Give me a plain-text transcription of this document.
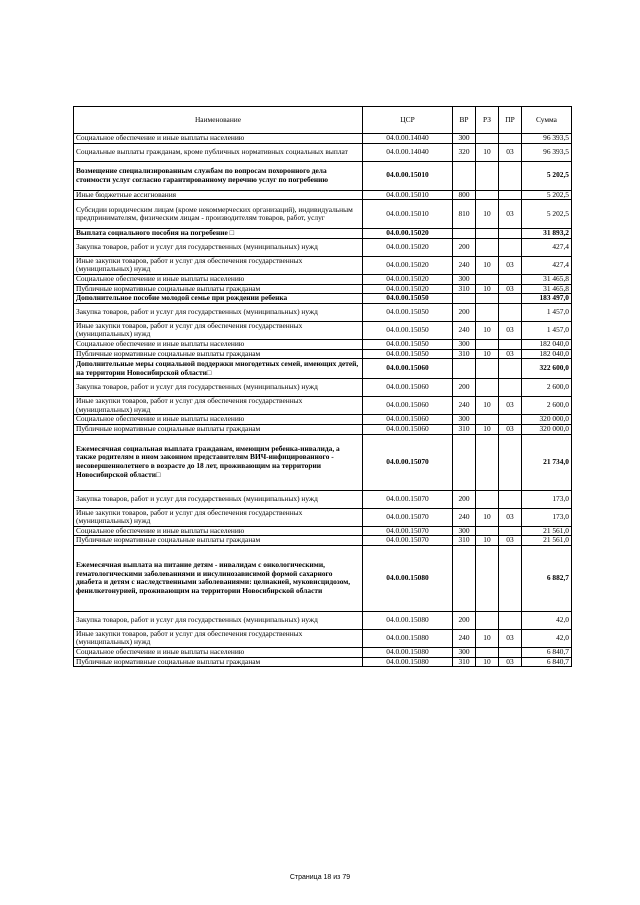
Наименование	ЦСР	ВР	РЗ	ПР	Сумма
Социальное обеспечение и иные выплаты населению	04.0.00.14040	300			96 393,5
Социальные выплаты гражданам, кроме публичных нормативных социальных выплат	04.0.00.14040	320	10	03	96 393,5
Возмещение специализированным службам по вопросам похоронного дела стоимости услуг согласно гарантированному перечню услуг по погребению	04.0.00.15010				5 202,5
Иные бюджетные ассигнования	04.0.00.15010	800			5 202,5
Субсидии юридическим лицам (кроме некоммерческих организаций), индивидуальным предпринимателям, физическим лицам - производителям товаров, работ, услуг	04.0.00.15010	810	10	03	5 202,5
Выплата социального пособия на погребение □	04.0.00.15020				31 893,2
Закупка товаров, работ и услуг для государственных (муниципальных) нужд	04.0.00.15020	200			427,4
Иные закупки товаров, работ и услуг для обеспечения государственных (муниципальных) нужд	04.0.00.15020	240	10	03	427,4
Социальное обеспечение и иные выплаты населению	04.0.00.15020	300			31 465,8
Публичные нормативные социальные выплаты гражданам	04.0.00.15020	310	10	03	31 465,8
Дополнительное пособие молодой семье при рождении ребенка	04.0.00.15050				183 497,0
Закупка товаров, работ и услуг для государственных (муниципальных) нужд	04.0.00.15050	200			1 457,0
Иные закупки товаров, работ и услуг для обеспечения государственных (муниципальных) нужд	04.0.00.15050	240	10	03	1 457,0
Социальное обеспечение и иные выплаты населению	04.0.00.15050	300			182 040,0
Публичные нормативные социальные выплаты гражданам	04.0.00.15050	310	10	03	182 040,0
Дополнительные меры социальной поддержки многодетных семей, имеющих детей, на территории Новосибирской области□	04.0.00.15060				322 600,0
Закупка товаров, работ и услуг для государственных (муниципальных) нужд	04.0.00.15060	200			2 600,0
Иные закупки товаров, работ и услуг для обеспечения государственных (муниципальных) нужд	04.0.00.15060	240	10	03	2 600,0
Социальное обеспечение и иные выплаты населению	04.0.00.15060	300			320 000,0
Публичные нормативные социальные выплаты гражданам	04.0.00.15060	310	10	03	320 000,0
Ежемесячная социальная выплата гражданам, имеющим ребенка-инвалида, а также родителям в ином законном представителям ВИЧ-инфицированного - несовершеннолетнего в возрасте до 18 лет, проживающим на территории Новосибирской области□	04.0.00.15070				21 734,0
Закупка товаров, работ и услуг для государственных (муниципальных) нужд	04.0.00.15070	200			173,0
Иные закупки товаров, работ и услуг для обеспечения государственных (муниципальных) нужд	04.0.00.15070	240	10	03	173,0
Социальное обеспечение и иные выплаты населению	04.0.00.15070	300			21 561,0
Публичные нормативные социальные выплаты гражданам	04.0.00.15070	310	10	03	21 561,0
Ежемесячная выплата на питание детям - инвалидам с онкологическими, гематологическими заболеваниями и инсулинозависимой формой сахарного диабета и детям с наследственными заболеваниями: целиакией, муковисцидозом, фенилкетонурией, проживающим на территории Новосибирской области	04.0.00.15080				6 882,7
Закупка товаров, работ и услуг для государственных (муниципальных) нужд	04.0.00.15080	200			42,0
Иные закупки товаров, работ и услуг для обеспечения государственных (муниципальных) нужд	04.0.00.15080	240	10	03	42,0
Социальное обеспечение и иные выплаты населению	04.0.00.15080	300			6 840,7
Публичные нормативные социальные выплаты гражданам	04.0.00.15080	310	10	03	6 840,7
Страница 18 из 79
